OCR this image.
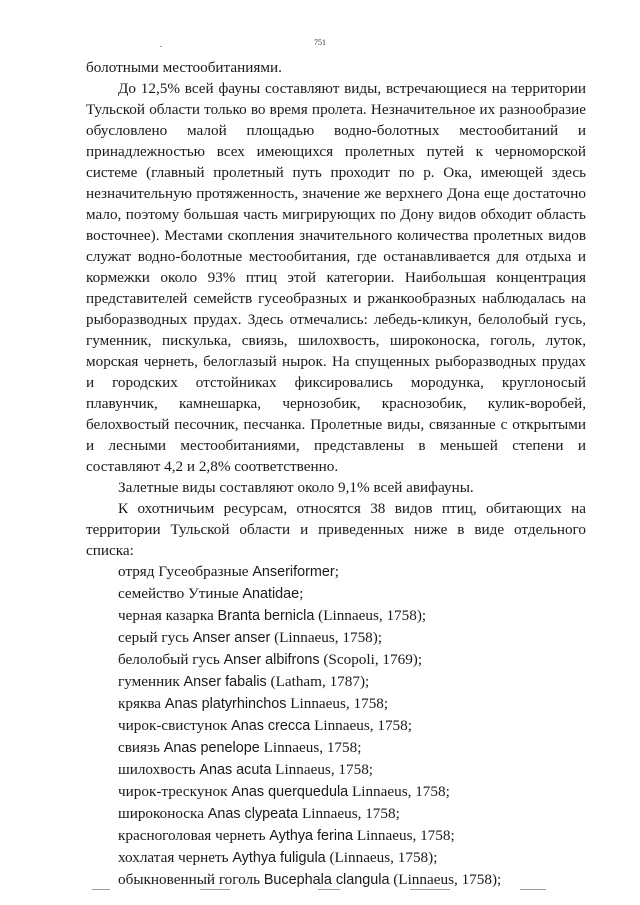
751

болотными местообитаниями.

До 12,5% всей фауны составляют виды, встречающиеся на территории Тульской области только во время пролета. Незначительное их разнообразие обусловлено малой площадью водно-болотных местообитаний и принадлежностью всех имеющихся пролетных путей к черноморской системе (главный пролетный путь проходит по р. Ока, имеющей здесь незначительную протяженность, значение же верхнего Дона еще достаточно мало, поэтому большая часть мигрирующих по Дону видов обходит область восточнее). Местами скопления значительного количества пролетных видов служат водно-болотные местообитания, где останавливается для отдыха и кормежки около 93% птиц этой категории. Наибольшая концентрация представителей семейств гусеобразных и ржанкообразных наблюдалась на рыборазводных прудах. Здесь отмечались: лебедь-кликун, белолобый гусь, гуменник, пискулька, свиязь, шилохвость, широконоска, гоголь, луток, морская чернеть, белоглазый нырок. На спущенных рыборазводных прудах и городских отстойниках фиксировались мородунка, круглоносый плавунчик, камнешарка, чернозобик, краснозобик, кулик-воробей, белохвостый песочник, песчанка. Пролетные виды, связанные с открытыми и лесными местообитаниями, представлены в меньшей степени и составляют 4,2 и 2,8% соответственно.

Залетные виды составляют около 9,1% всей авифауны.

К охотничьим ресурсам, относятся 38 видов птиц, обитающих на территории Тульской области и приведенных ниже в виде отдельного списка:

отряд Гусеобразные Anseriformer;
семейство Утиные Anatidae;
черная казарка Branta bernicla (Linnaeus, 1758);
серый гусь Anser anser (Linnaeus, 1758);
белолобый гусь Anser albifrons (Scopoli, 1769);
гуменник Anser fabalis (Latham, 1787);
кряква Anas platyrhinchos Linnaeus, 1758;
чирок-свистунок Anas crecca Linnaeus, 1758;
свиязь Anas penelope Linnaeus, 1758;
шилохвость Anas acuta Linnaeus, 1758;
чирок-трескунок Anas querquedula Linnaeus, 1758;
широконоска Anas clypeata Linnaeus, 1758;
красноголовая чернеть Aythya ferina Linnaeus, 1758;
хохлатая чернеть Aythya fuligula (Linnaeus, 1758);
обыкновенный гоголь Bucephala clangula (Linnaeus, 1758);
